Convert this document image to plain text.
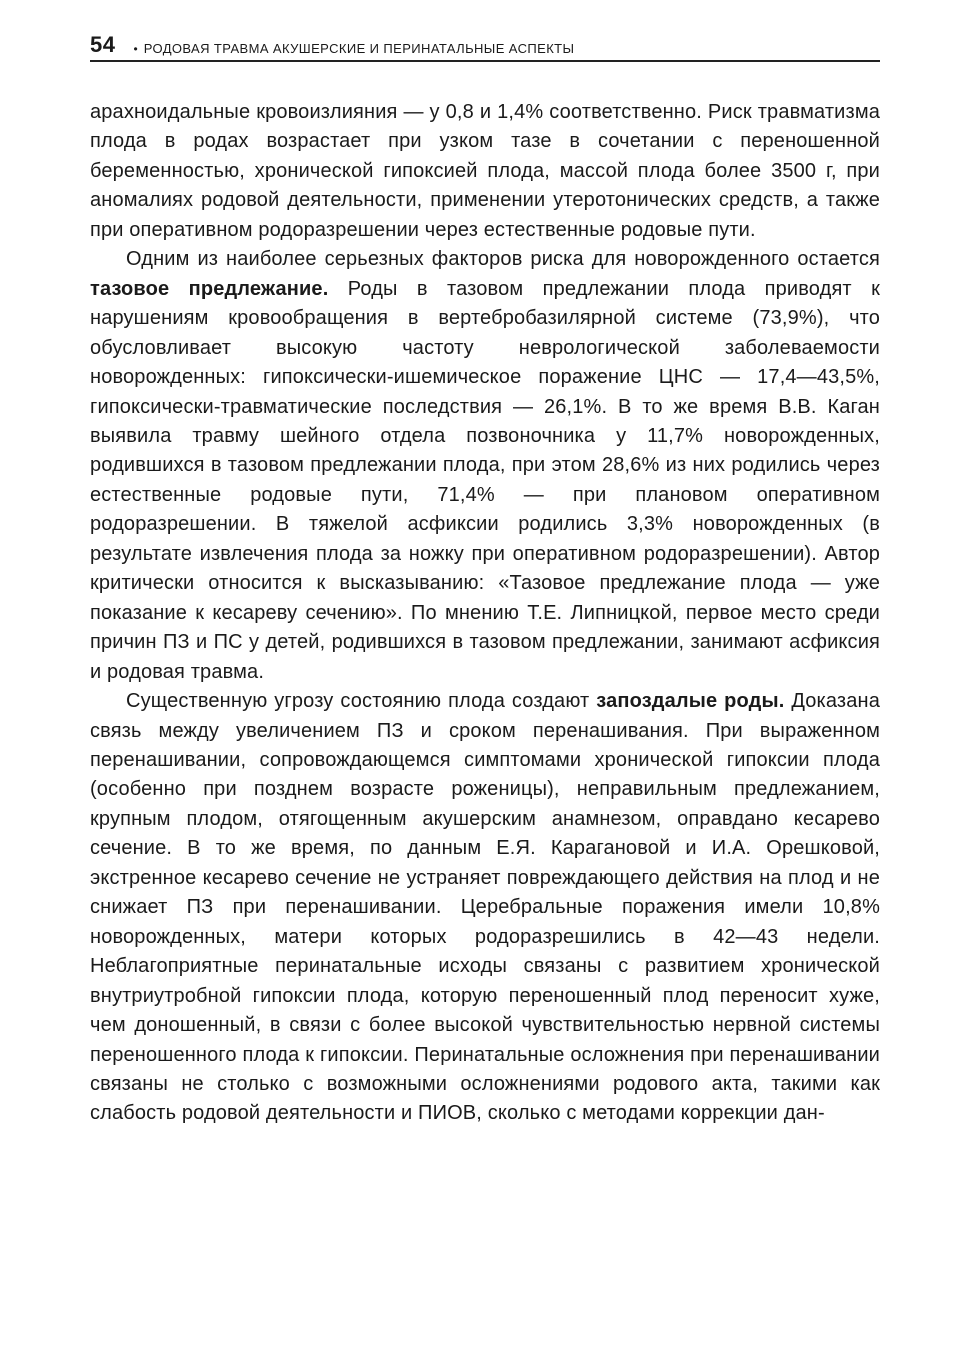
54 • РОДОВАЯ ТРАВМА АКУШЕРСКИЕ И ПЕРИНАТАЛЬНЫЕ АСПЕКТЫ

арахноидальные кровоизлияния — у 0,8 и 1,4% соответственно. Риск травматизма плода в родах возрастает при узком тазе в сочетании с переношенной беременностью, хронической гипоксией плода, массой плода более 3500 г, при аномалиях родовой деятельности, применении утеротонических средств, а также при оперативном родоразрешении через естественные родовые пути.

Одним из наиболее серьезных факторов риска для новорожденного остается тазовое предлежание. Роды в тазовом предлежании плода приводят к нарушениям кровообращения в вертебробазилярной системе (73,9%), что обусловливает высокую частоту неврологической заболеваемости новорожденных: гипоксически-ишемическое поражение ЦНС — 17,4—43,5%, гипоксически-травматические последствия — 26,1%. В то же время В.В. Каган выявила травму шейного отдела позвоночника у 11,7% новорожденных, родившихся в тазовом предлежании плода, при этом 28,6% из них родились через естественные родовые пути, 71,4% — при плановом оперативном родоразрешении. В тяжелой асфиксии родились 3,3% новорожденных (в результате извлечения плода за ножку при оперативном родоразрешении). Автор критически относится к высказыванию: «Тазовое предлежание плода — уже показание к кесареву сечению». По мнению Т.Е. Липницкой, первое место среди причин ПЗ и ПС у детей, родившихся в тазовом предлежании, занимают асфиксия и родовая травма.

Существенную угрозу состоянию плода создают запоздалые роды. Доказана связь между увеличением ПЗ и сроком перенашивания. При выраженном перенашивании, сопровождающемся симптомами хронической гипоксии плода (особенно при позднем возрасте роженицы), неправильным предлежанием, крупным плодом, отягощенным акушерским анамнезом, оправдано кесарево сечение. В то же время, по данным Е.Я. Карагановой и И.А. Орешковой, экстренное кесарево сечение не устраняет повреждающего действия на плод и не снижает ПЗ при перенашивании. Церебральные поражения имели 10,8% новорожденных, матери которых родоразрешились в 42—43 недели. Неблагоприятные перинатальные исходы связаны с развитием хронической внутриутробной гипоксии плода, которую переношенный плод переносит хуже, чем доношенный, в связи с более высокой чувствительностью нервной системы переношенного плода к гипоксии. Перинатальные осложнения при перенашивании связаны не столько с возможными осложнениями родового акта, такими как слабость родовой деятельности и ПИОВ, сколько с методами коррекции дан-
